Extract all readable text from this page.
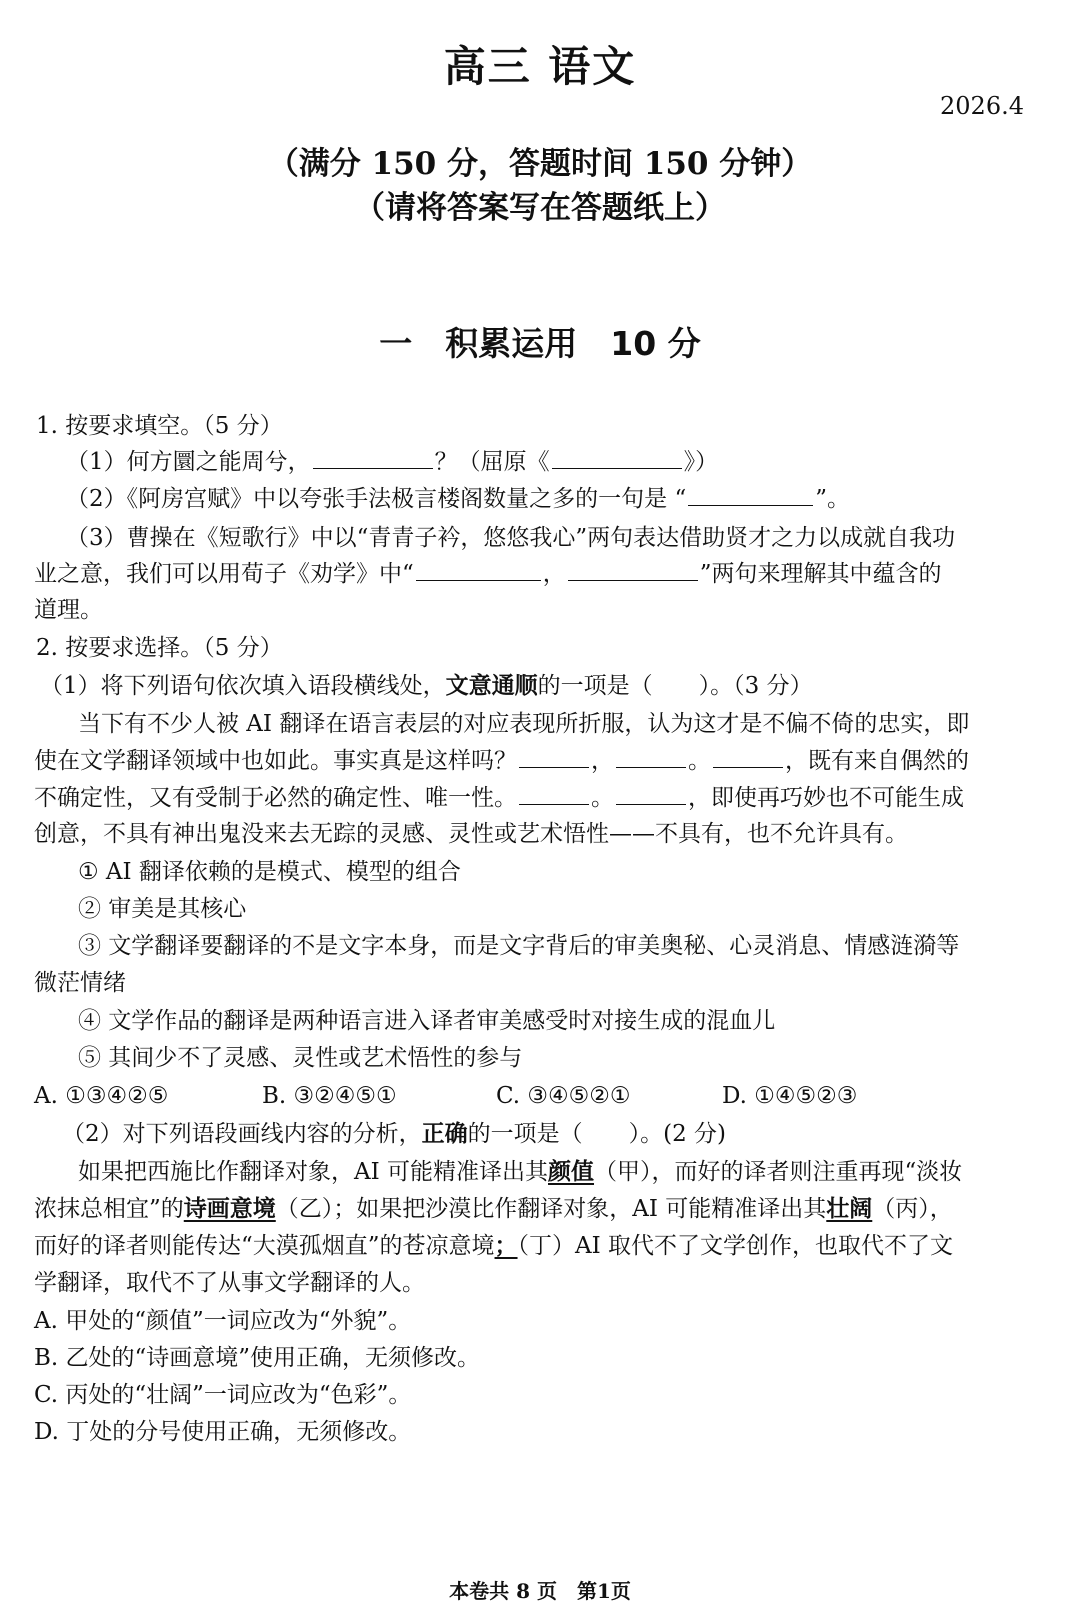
高三 语文
2026.4
（满分 150 分，答题时间 150 分钟）
（请将答案写在答题纸上）
一　积累运用　10 分
1. 按要求填空。（5 分）
（1）何方圜之能周兮，	？（屈原《	》）
（2）《阿房宫赋》中以夸张手法极言楼阁数量之多的一句是 “	”。
（3）曹操在《短歌行》中以“青青子衿，悠悠我心”两句表达借助贤才之力以成就自我功
业之意，我们可以用荀子《劝学》中“	，	”两句来理解其中蕴含的
道理。
2. 按要求选择。（5 分）
（1）将下列语句依次填入语段横线处，文意通顺的一项是（　　）。（3 分）
当下有不少人被 AI 翻译在语言表层的对应表现所折服，认为这才是不偏不倚的忠实，即
使在文学翻译领域中也如此。事实真是这样吗？	，	。	，既有来自偶然的
不确定性，又有受制于必然的确定性、唯一性。	。	，即使再巧妙也不可能生成
创意，不具有神出鬼没来去无踪的灵感、灵性或艺术悟性——不具有，也不允许具有。
① AI 翻译依赖的是模式、模型的组合
② 审美是其核心
③ 文学翻译要翻译的不是文字本身，而是文字背后的审美奥秘、心灵消息、情感涟漪等
微茫情绪
④ 文学作品的翻译是两种语言进入译者审美感受时对接生成的混血儿
⑤ 其间少不了灵感、灵性或艺术悟性的参与
A. ①③④②⑤	B. ③②④⑤①	C. ③④⑤②①	D. ①④⑤②③
（2）对下列语段画线内容的分析，正确的一项是（　　）。(2 分)
如果把西施比作翻译对象，AI 可能精准译出其颜值（甲），而好的译者则注重再现“淡妆
浓抹总相宜”的诗画意境（乙）；如果把沙漠比作翻译对象，AI 可能精准译出其壮阔（丙），
而好的译者则能传达“大漠孤烟直”的苍凉意境；（丁）AI 取代不了文学创作，也取代不了文
学翻译，取代不了从事文学翻译的人。
A. 甲处的“颜值”一词应改为“外貌”。
B. 乙处的“诗画意境”使用正确，无须修改。
C. 丙处的“壮阔”一词应改为“色彩”。
D. 丁处的分号使用正确，无须修改。
本卷共 8 页　第1页
